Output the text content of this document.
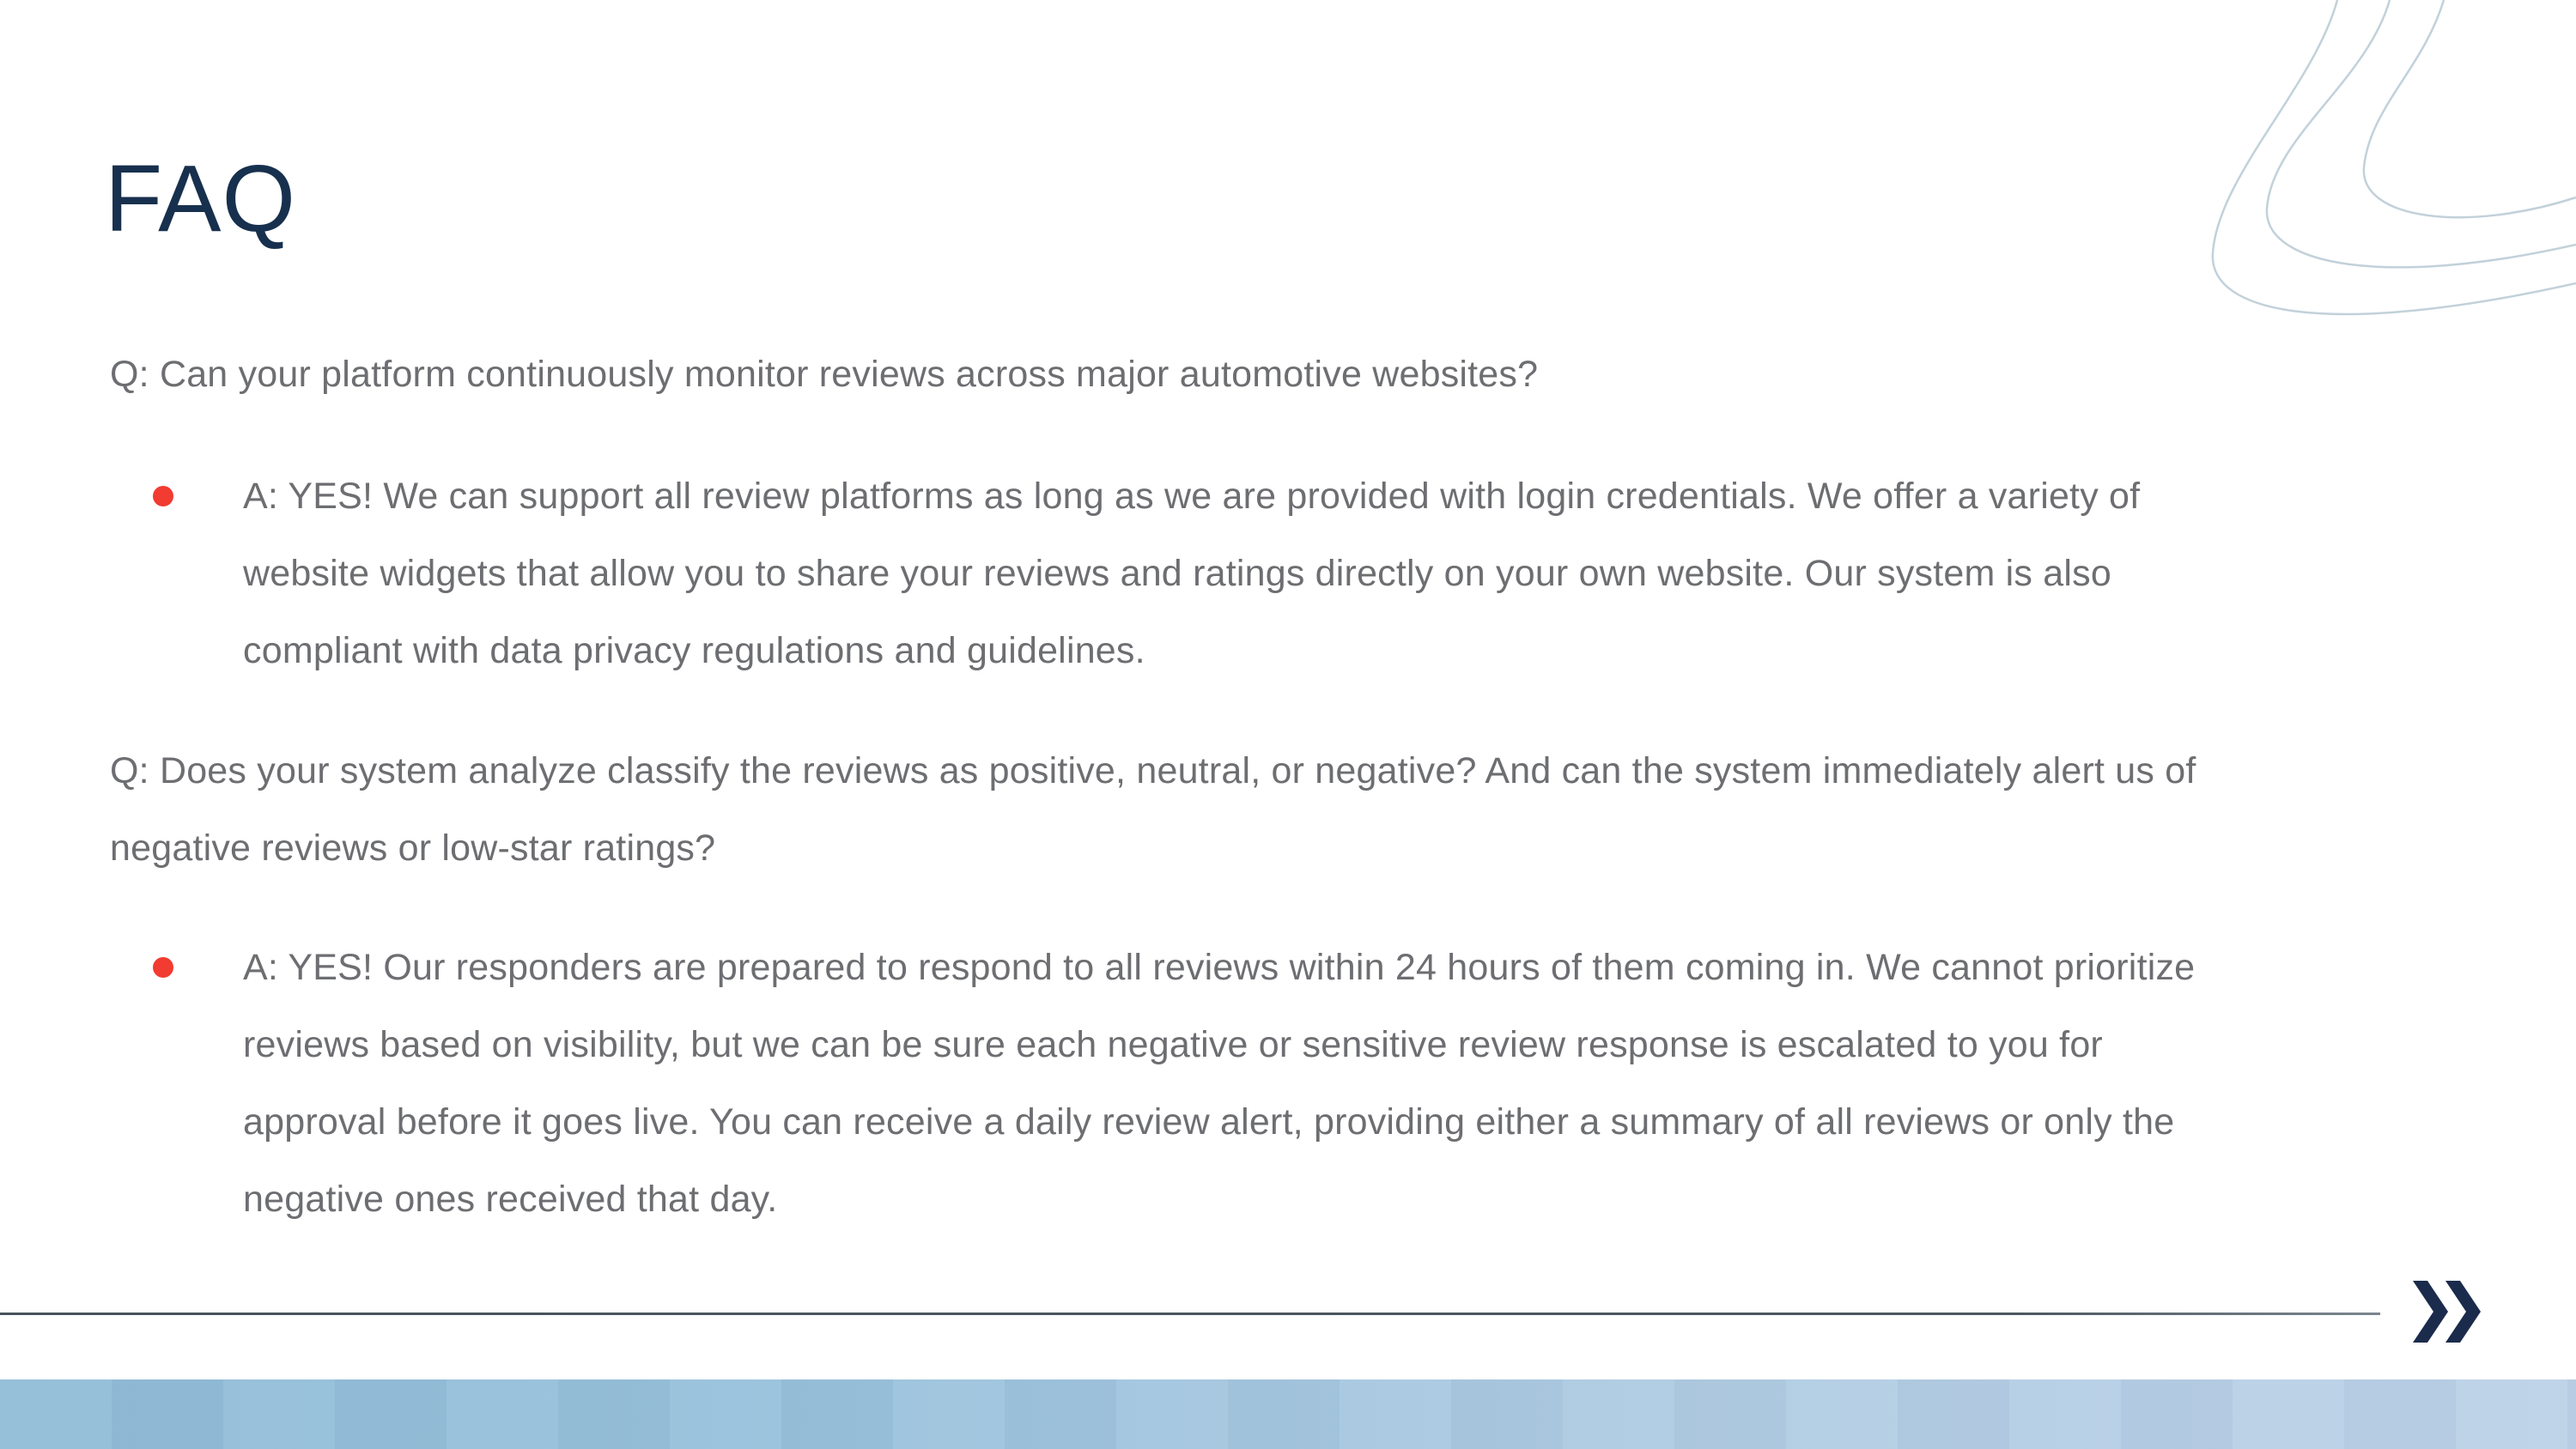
FAQ
Q: Can your platform continuously monitor reviews across major automotive websites?
A: YES! We can support all review platforms as long as we are provided with login credentials. We offer a variety of
website widgets that allow you to share your reviews and ratings directly on your own website. Our system is also
compliant with data privacy regulations and guidelines.
Q: Does your system analyze classify the reviews as positive, neutral, or negative? And can the system immediately alert us of
negative reviews or low-star ratings?
A: YES! Our responders are prepared to respond to all reviews within 24 hours of them coming in. We cannot prioritize
reviews based on visibility, but we can be sure each negative or sensitive review response is escalated to you for
approval before it goes live. You can receive a daily review alert, providing either a summary of all reviews or only the
negative ones received that day.
